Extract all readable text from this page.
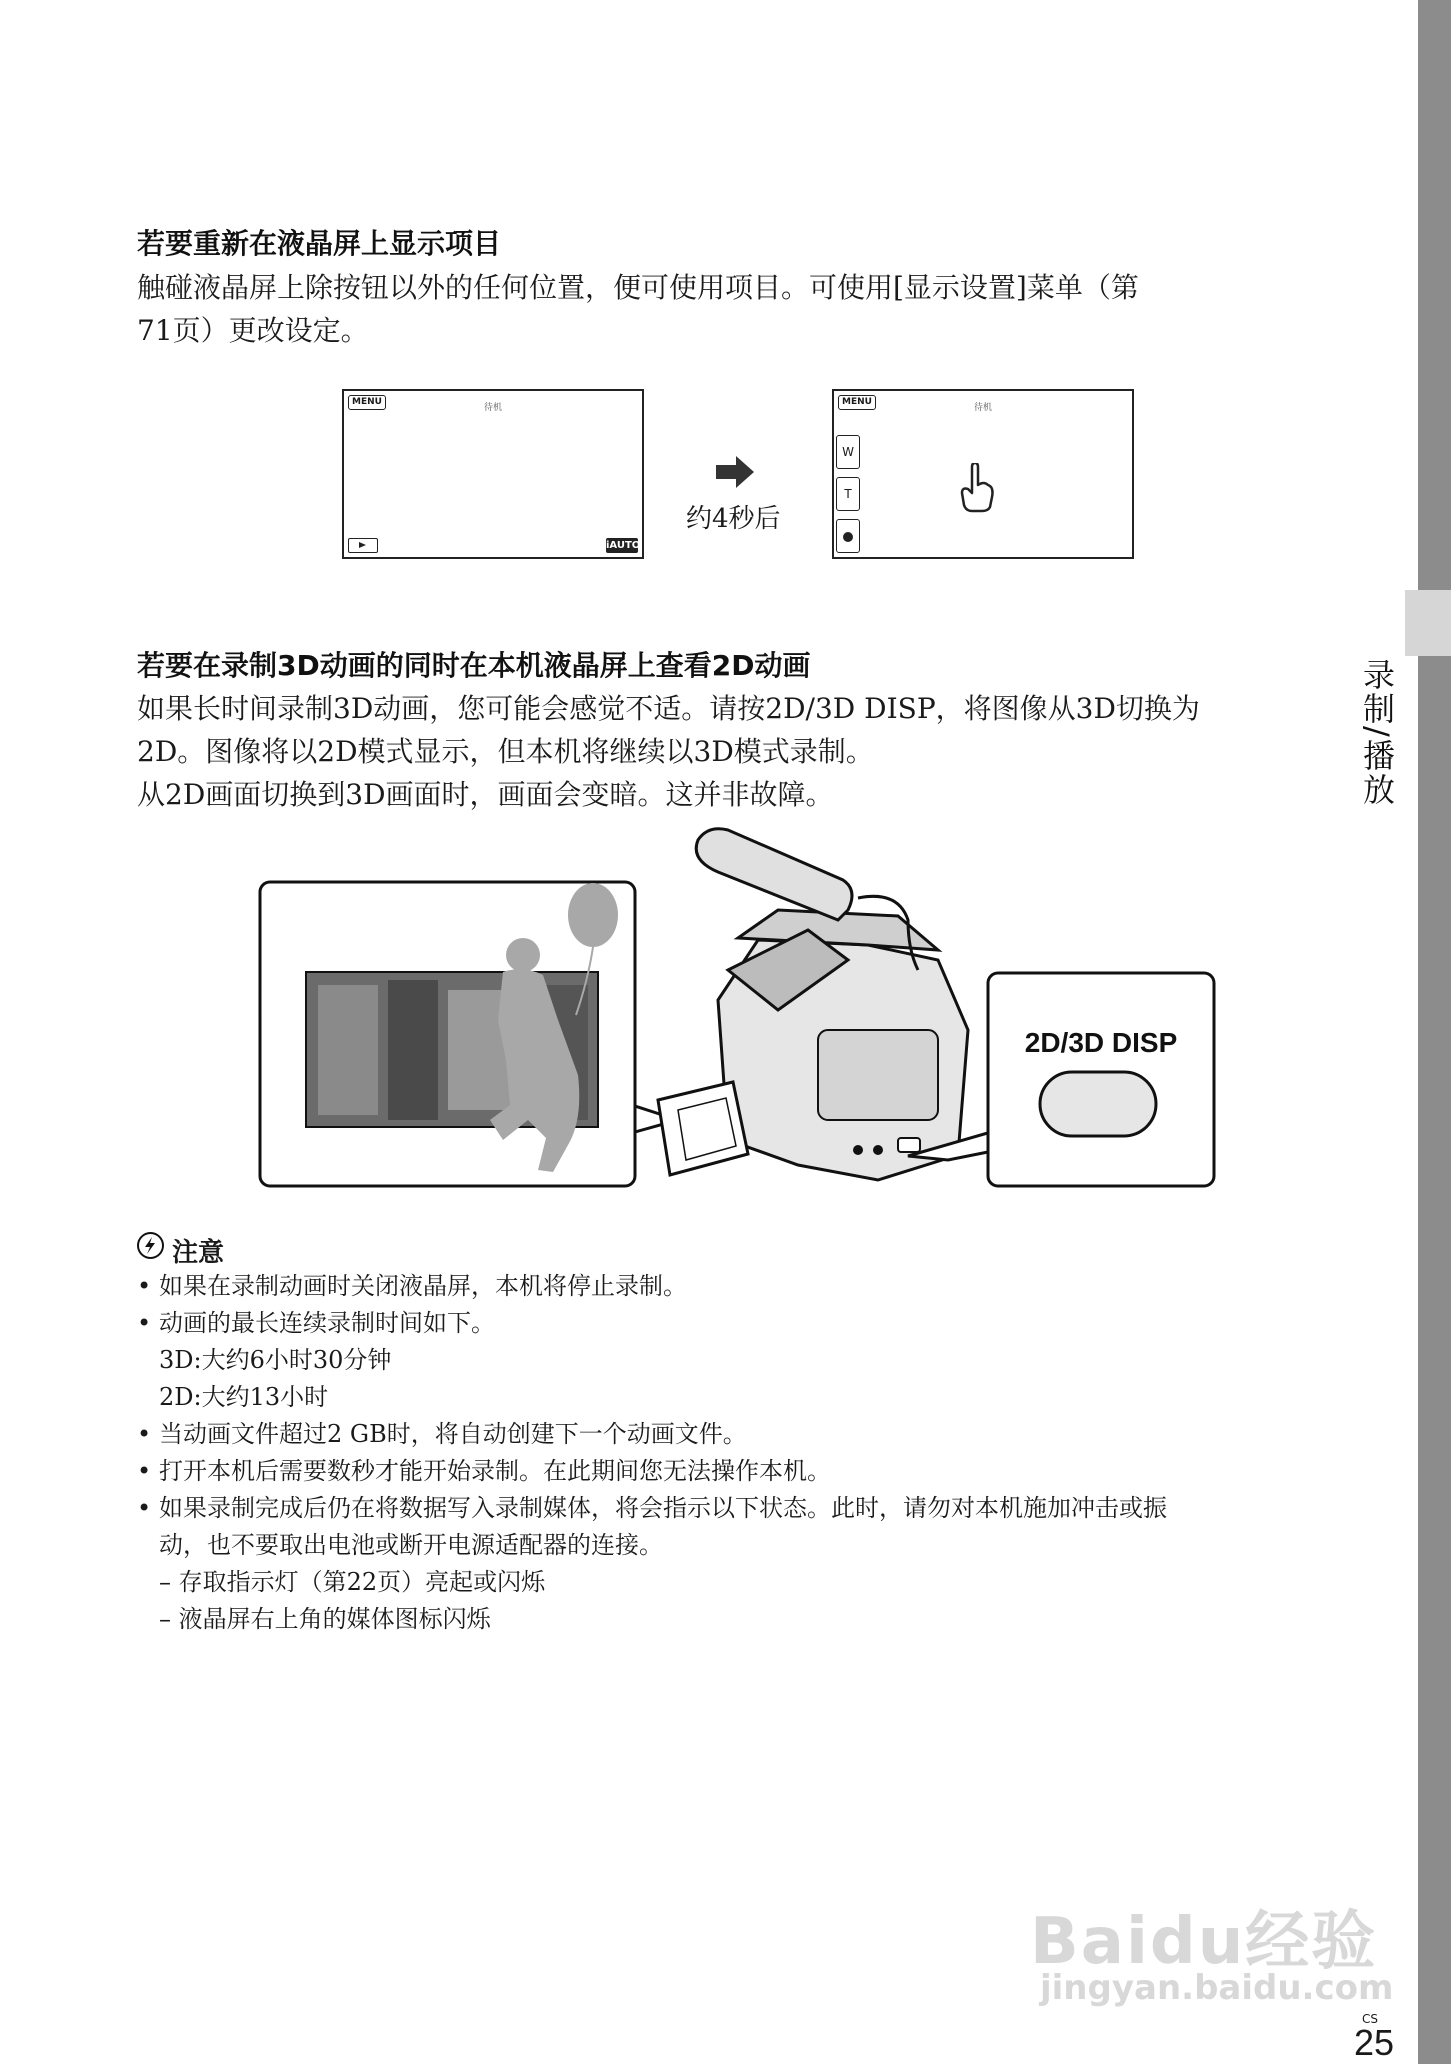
录制/播放
若要重新在液晶屏上显示项目
触碰液晶屏上除按钮以外的任何位置，便可使用项目。可使用[显示设置]菜单（第
71页）更改设定。
MENU
待机
iAUTO
约4秒后
MENU
待机
W
T
若要在录制3D动画的同时在本机液晶屏上查看2D动画
如果长时间录制3D动画，您可能会感觉不适。请按2D/3D DISP，将图像从3D切换为
2D。图像将以2D模式显示，但本机将继续以3D模式录制。
从2D画面切换到3D画面时，画面会变暗。这并非故障。
2D/3D DISP
注意
• 如果在录制动画时关闭液晶屏，本机将停止录制。
• 动画的最长连续录制时间如下。
3D:大约6小时30分钟
2D:大约13小时
• 当动画文件超过2 GB时，将自动创建下一个动画文件。
• 打开本机后需要数秒才能开始录制。在此期间您无法操作本机。
• 如果录制完成后仍在将数据写入录制媒体，将会指示以下状态。此时，请勿对本机施加冲击或振
动，也不要取出电池或断开电源适配器的连接。
– 存取指示灯（第22页）亮起或闪烁
– 液晶屏右上角的媒体图标闪烁
Baidu经验
jingyan.baidu.com
CS
25
